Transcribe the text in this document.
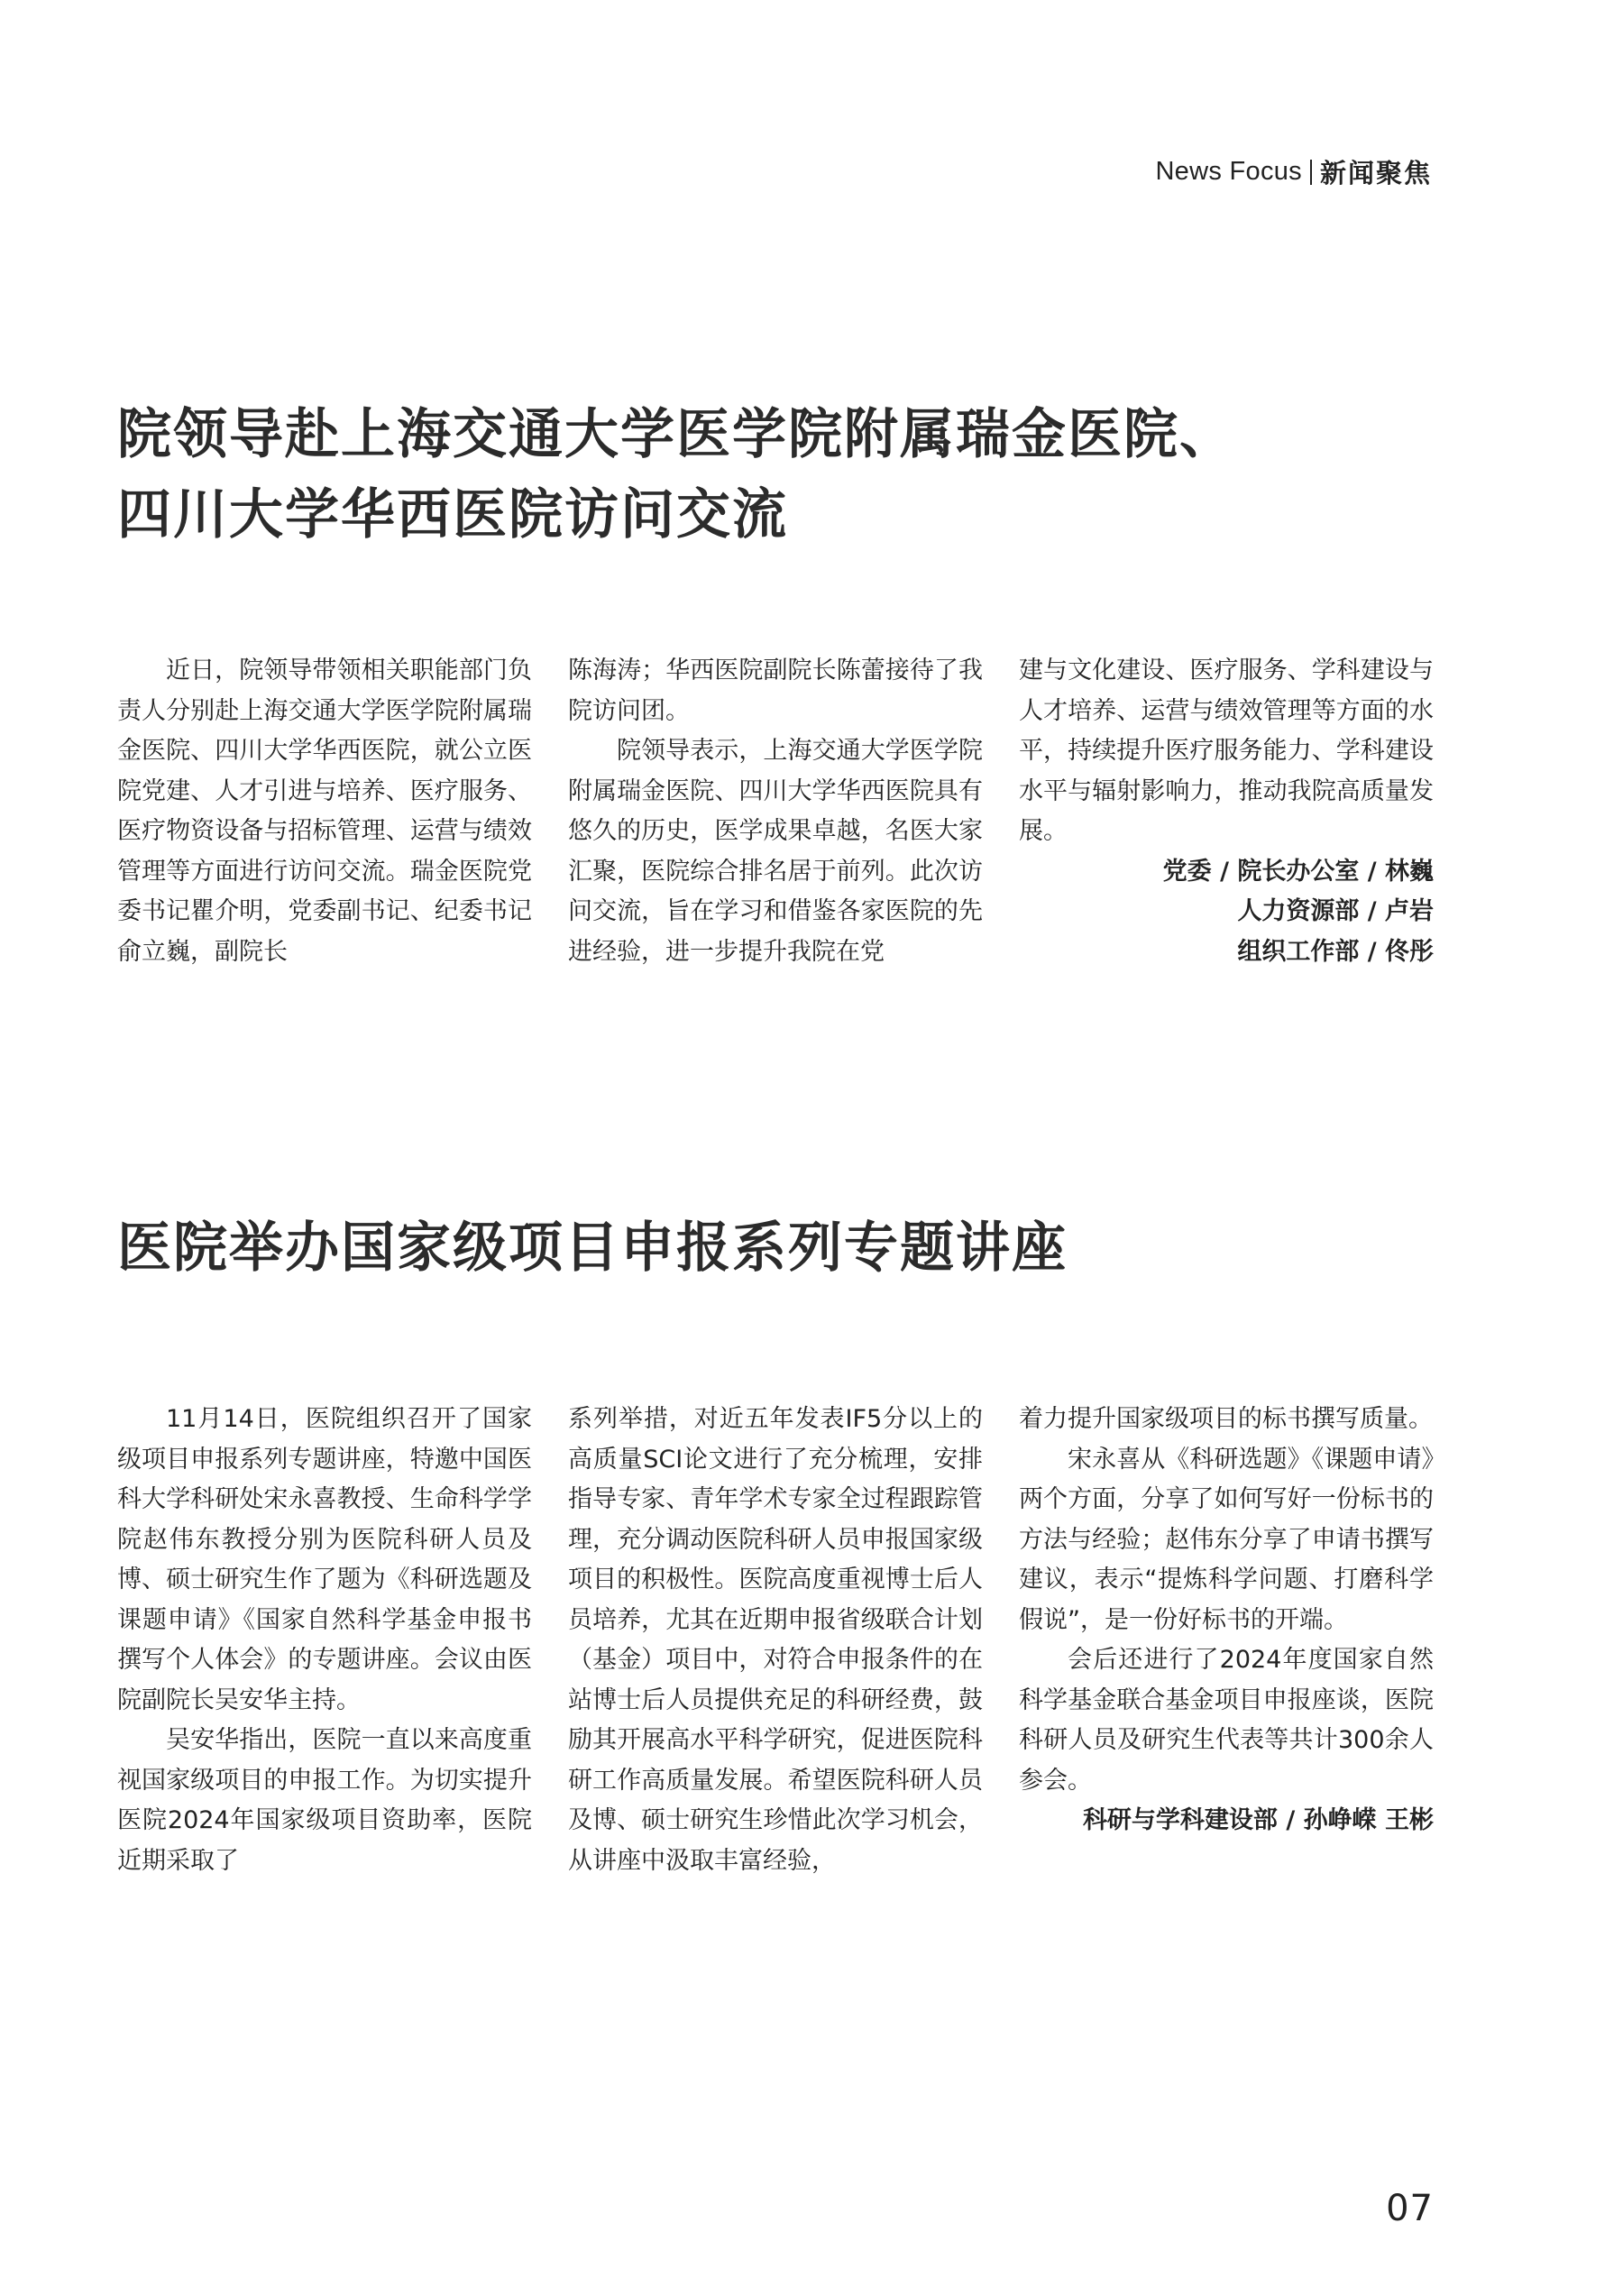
News Focus 新闻聚焦
院领导赴上海交通大学医学院附属瑞金医院、
四川大学华西医院访问交流

近日，院领导带领相关职能部门负责人分别赴上海交通大学医学院附属瑞金医院、四川大学华西医院，就公立医院党建、人才引进与培养、医疗服务、医疗物资设备与招标管理、运营与绩效管理等方面进行访问交流。瑞金医院党委书记瞿介明，党委副书记、纪委书记俞立巍，副院长

陈海涛；华西医院副院长陈蕾接待了我院访问团。

院领导表示，上海交通大学医学院附属瑞金医院、四川大学华西医院具有悠久的历史，医学成果卓越，名医大家汇聚，医院综合排名居于前列。此次访问交流，旨在学习和借鉴各家医院的先进经验，进一步提升我院在党

建与文化建设、医疗服务、学科建设与人才培养、运营与绩效管理等方面的水平，持续提升医疗服务能力、学科建设水平与辐射影响力，推动我院高质量发展。

党委 / 院长办公室 / 林巍

人力资源部 / 卢岩

组织工作部 / 佟彤

医院举办国家级项目申报系列专题讲座

11月14日，医院组织召开了国家级项目申报系列专题讲座，特邀中国医科大学科研处宋永喜教授、生命科学学院赵伟东教授分别为医院科研人员及博、硕士研究生作了题为《科研选题及课题申请》《国家自然科学基金申报书撰写个人体会》的专题讲座。会议由医院副院长吴安华主持。

吴安华指出，医院一直以来高度重视国家级项目的申报工作。为切实提升医院2024年国家级项目资助率，医院近期采取了

系列举措，对近五年发表IF5分以上的高质量SCI论文进行了充分梳理，安排指导专家、青年学术专家全过程跟踪管理，充分调动医院科研人员申报国家级项目的积极性。医院高度重视博士后人员培养，尤其在近期申报省级联合计划（基金）项目中，对符合申报条件的在站博士后人员提供充足的科研经费，鼓励其开展高水平科学研究，促进医院科研工作高质量发展。希望医院科研人员及博、硕士研究生珍惜此次学习机会，从讲座中汲取丰富经验，

着力提升国家级项目的标书撰写质量。

宋永喜从《科研选题》《课题申请》两个方面，分享了如何写好一份标书的方法与经验；赵伟东分享了申请书撰写建议，表示“提炼科学问题、打磨科学假说”，是一份好标书的开端。

会后还进行了2024年度国家自然科学基金联合基金项目申报座谈，医院科研人员及研究生代表等共计300余人参会。

科研与学科建设部 / 孙峥嵘 王彬

07
